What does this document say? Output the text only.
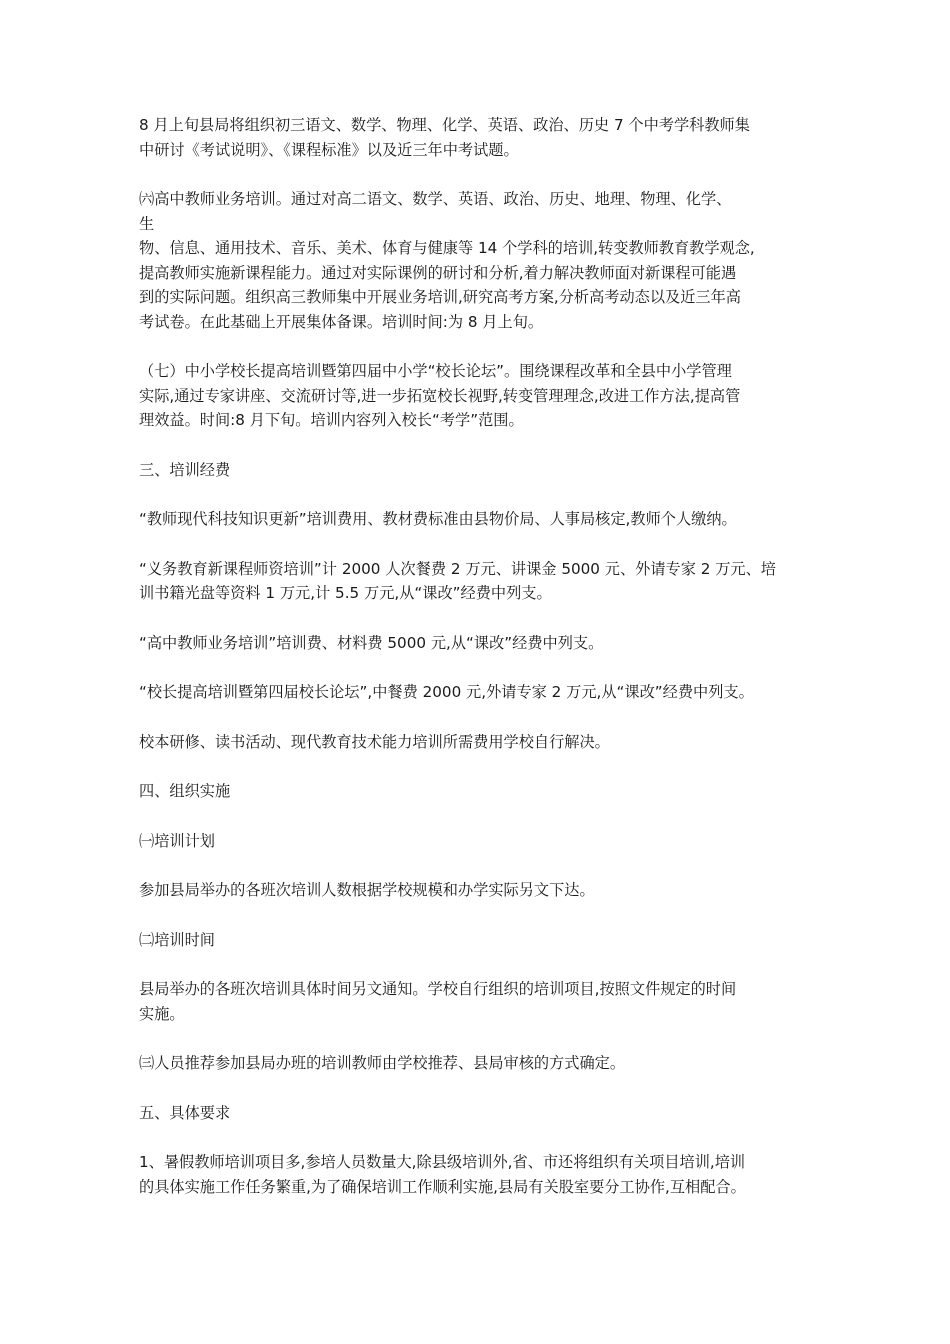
8 月上旬县局将组织初三语文、数学、物理、化学、英语、政治、历史 7 个中考学科教师集
中研讨《考试说明》、《课程标准》以及近三年中考试题。

㈥高中教师业务培训。通过对高二语文、数学、英语、政治、历史、地理、物理、化学、
生
物、信息、通用技术、音乐、美术、体育与健康等 14 个学科的培训,转变教师教育教学观念,
提高教师实施新课程能力。通过对实际课例的研讨和分析,着力解决教师面对新课程可能遇
到的实际问题。组织高三教师集中开展业务培训,研究高考方案,分析高考动态以及近三年高
考试卷。在此基础上开展集体备课。培训时间:为 8 月上旬。

（七）中小学校长提高培训暨第四届中小学“校长论坛”。围绕课程改革和全县中小学管理
实际,通过专家讲座、交流研讨等,进一步拓宽校长视野,转变管理理念,改进工作方法,提高管
理效益。时间:8 月下旬。培训内容列入校长“考学”范围。

三、培训经费

“教师现代科技知识更新”培训费用、教材费标准由县物价局、人事局核定,教师个人缴纳。

“义务教育新课程师资培训”计 2000 人次餐费 2 万元、讲课金 5000 元、外请专家 2 万元、培
训书籍光盘等资料 1 万元,计 5.5 万元,从“课改”经费中列支。

“高中教师业务培训”培训费、材料费 5000 元,从“课改”经费中列支。

“校长提高培训暨第四届校长论坛”,中餐费 2000 元,外请专家 2 万元,从“课改”经费中列支。

校本研修、读书活动、现代教育技术能力培训所需费用学校自行解决。

四、组织实施

㈠培训计划

参加县局举办的各班次培训人数根据学校规模和办学实际另文下达。

㈡培训时间

县局举办的各班次培训具体时间另文通知。学校自行组织的培训项目,按照文件规定的时间
实施。

㈢人员推荐参加县局办班的培训教师由学校推荐、县局审核的方式确定。

五、具体要求

1、暑假教师培训项目多,参培人员数量大,除县级培训外,省、市还将组织有关项目培训,培训
的具体实施工作任务繁重,为了确保培训工作顺利实施,县局有关股室要分工协作,互相配合。
